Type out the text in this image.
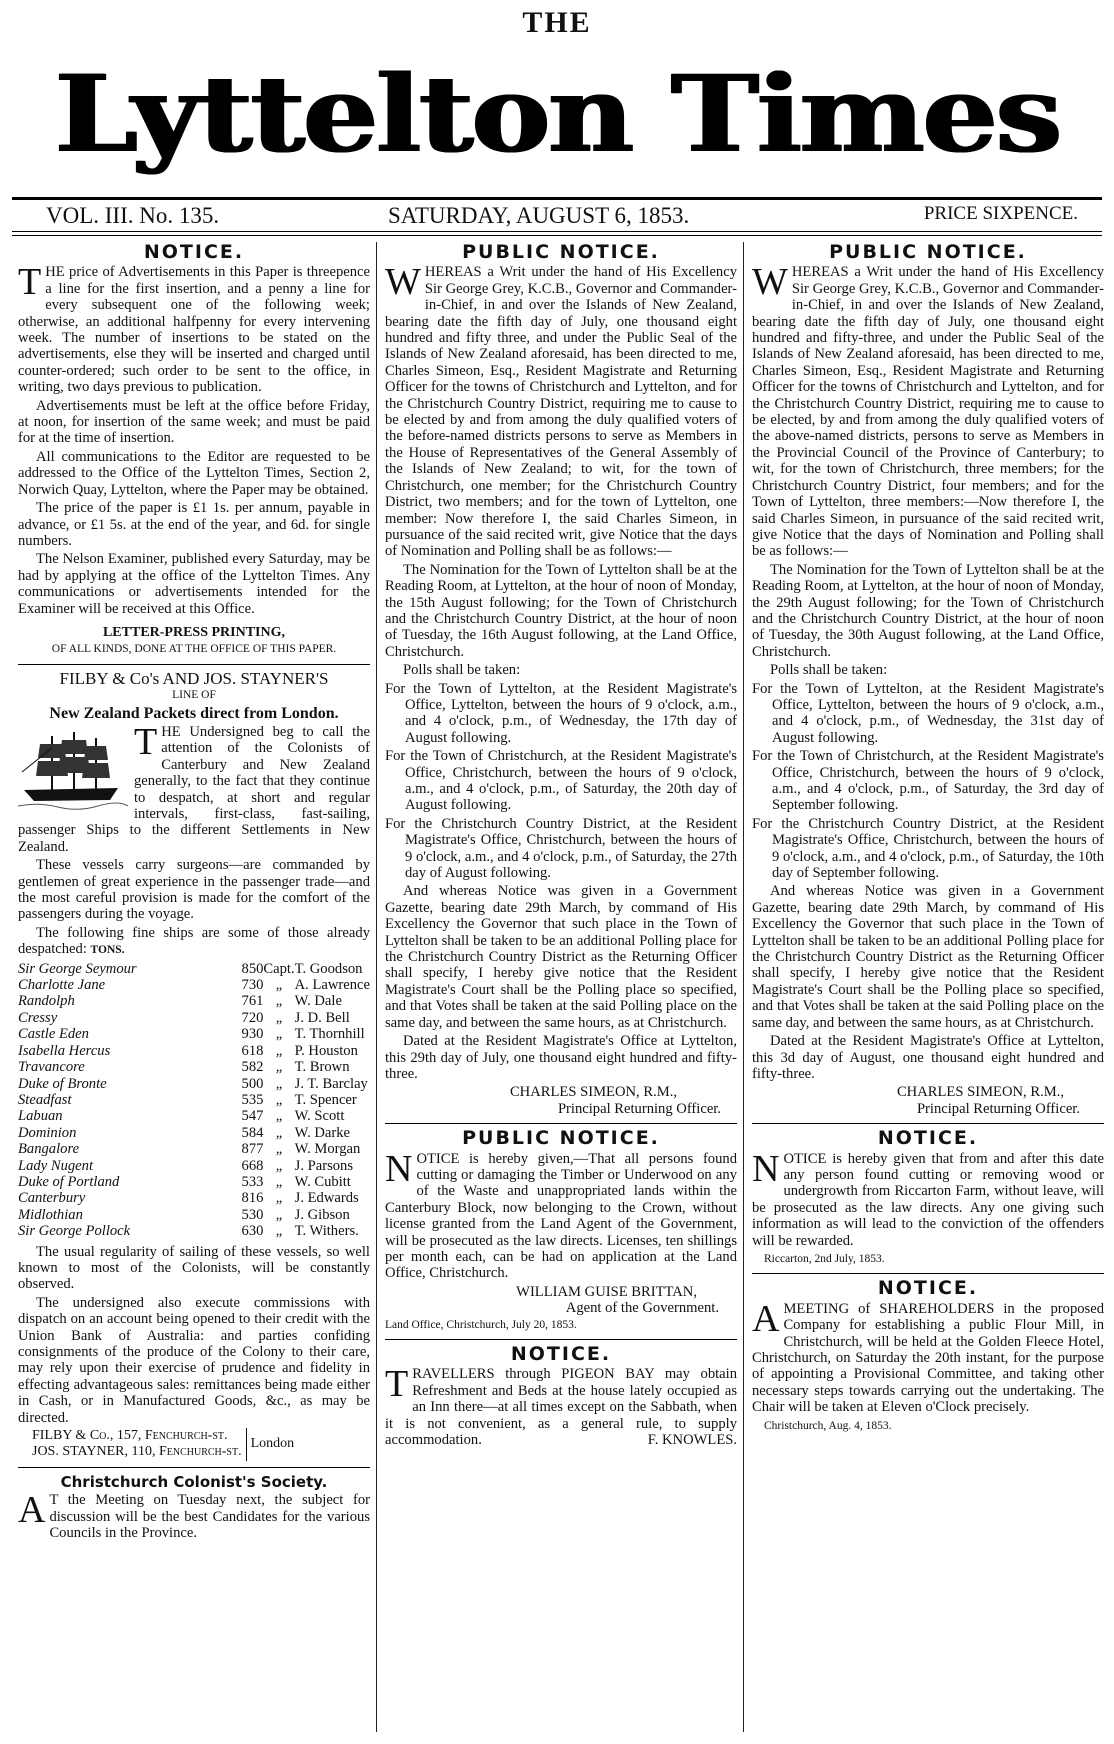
THE
Lyttelton Times
VOL. III. No. 135.	SATURDAY, AUGUST 6, 1853.	PRICE SIXPENCE.
NOTICE.

THE price of Advertisements in this Paper is threepence a line for the first insertion, and a penny a line for every subsequent one of the following week; otherwise, an additional halfpenny for every intervening week. The number of insertions to be stated on the advertisements, else they will be inserted and charged until counter-ordered; such order to be sent to the office, in writing, two days previous to publication.

Advertisements must be left at the office before Friday, at noon, for insertion of the same week; and must be paid for at the time of insertion.

All communications to the Editor are requested to be addressed to the Office of the Lyttelton Times, Section 2, Norwich Quay, Lyttelton, where the Paper may be obtained.

The price of the paper is £1 1s. per annum, payable in advance, or £1 5s. at the end of the year, and 6d. for single numbers.

The Nelson Examiner, published every Saturday, may be had by applying at the office of the Lyttelton Times. Any communications or advertisements intended for the Examiner will be received at this Office.

LETTER-PRESS PRINTING,
OF ALL KINDS, DONE AT THE OFFICE OF THIS PAPER.
FILBY & Co's AND JOS. STAYNER'S
LINE OF
New Zealand Packets direct from London.

THE Undersigned beg to call the attention of the Colonists of Canterbury and New Zealand generally, to the fact that they continue to despatch, at short and regular intervals, first-class, fast-sailing, passenger Ships to the different Settlements in New Zealand.

These vessels carry surgeons—are commanded by gentlemen of great experience in the passenger trade—and the most careful provision is made for the comfort of the passengers during the voyage.

The following fine ships are some of those already despatched: TONS.

Sir George Seymour	850	Capt.	T. Goodson
Charlotte Jane	730	„	A. Lawrence
Randolph	761	„	W. Dale
Cressy	720	„	J. D. Bell
Castle Eden	930	„	T. Thornhill
Isabella Hercus	618	„	P. Houston
Travancore	582	„	T. Brown
Duke of Bronte	500	„	J. T. Barclay
Steadfast	535	„	T. Spencer
Labuan	547	„	W. Scott
Dominion	584	„	W. Darke
Bangalore	877	„	W. Morgan
Lady Nugent	668	„	J. Parsons
Duke of Portland	533	„	W. Cubitt
Canterbury	816	„	J. Edwards
Midlothian	530	„	J. Gibson
Sir George Pollock	630	„	T. Withers.

The usual regularity of sailing of these vessels, so well known to most of the Colonists, will be constantly observed.

The undersigned also execute commissions with dispatch on an account being opened to their credit with the Union Bank of Australia: and parties confiding consignments of the produce of the Colony to their care, may rely upon their exercise of prudence and fidelity in effecting advantageous sales: remittances being made either in Cash, or in Manufactured Goods, &c., as may be directed.

FILBY & Co., 157, Fenchurch-st.
JOS. STAYNER, 110, Fenchurch-st.
London
Christchurch Colonist's Society.

A T the Meeting on Tuesday next, the subject for discussion will be the best Candidates for the various Councils in the Province.

PUBLIC NOTICE.

WHEREAS a Writ under the hand of His Excellency Sir George Grey, K.C.B., Governor and Commander-in-Chief, in and over the Islands of New Zealand, bearing date the fifth day of July, one thousand eight hundred and fifty three, and under the Public Seal of the Islands of New Zealand aforesaid, has been directed to me, Charles Simeon, Esq., Resident Magistrate and Returning Officer for the towns of Christchurch and Lyttelton, and for the Christchurch Country District, requiring me to cause to be elected by and from among the duly qualified voters of the before-named districts persons to serve as Members in the House of Representatives of the General Assembly of the Islands of New Zealand; to wit, for the town of Christchurch, one member; for the Christchurch Country District, two members; and for the town of Lyttelton, one member: Now therefore I, the said Charles Simeon, in pursuance of the said recited writ, give Notice that the days of Nomination and Polling shall be as follows:—

The Nomination for the Town of Lyttelton shall be at the Reading Room, at Lyttelton, at the hour of noon of Monday, the 15th August following; for the Town of Christchurch and the Christchurch Country District, at the hour of noon of Tuesday, the 16th August following, at the Land Office, Christchurch.

Polls shall be taken:

For the Town of Lyttelton, at the Resident Magistrate's Office, Lyttelton, between the hours of 9 o'clock, a.m., and 4 o'clock, p.m., of Wednesday, the 17th day of August following.

For the Town of Christchurch, at the Resident Magistrate's Office, Christchurch, between the hours of 9 o'clock, a.m., and 4 o'clock, p.m., of Saturday, the 20th day of August following.

For the Christchurch Country District, at the Resident Magistrate's Office, Christchurch, between the hours of 9 o'clock, a.m., and 4 o'clock, p.m., of Saturday, the 27th day of August following.

And whereas Notice was given in a Government Gazette, bearing date 29th March, by command of His Excellency the Governor that such place in the Town of Lyttelton shall be taken to be an additional Polling place for the Christchurch Country District as the Returning Officer shall specify, I hereby give notice that the Resident Magistrate's Court shall be the Polling place so specified, and that Votes shall be taken at the said Polling place on the same day, and between the same hours, as at Christchurch.

Dated at the Resident Magistrate's Office at Lyttelton, this 29th day of July, one thousand eight hundred and fifty-three.

CHARLES SIMEON, R.M.,
Principal Returning Officer.
PUBLIC NOTICE.

NOTICE is hereby given,—That all persons found cutting or damaging the Timber or Underwood on any of the Waste and unappropriated lands within the Canterbury Block, now belonging to the Crown, without license granted from the Land Agent of the Government, will be prosecuted as the law directs. Licenses, ten shillings per month each, can be had on application at the Land Office, Christchurch.

WILLIAM GUISE BRITTAN,
Agent of the Government.
Land Office, Christchurch, July 20, 1853.
NOTICE.

TRAVELLERS through PIGEON BAY may obtain Refreshment and Beds at the house lately occupied as an Inn there—at all times except on the Sabbath, when it is not convenient, as a general rule, to supply accommodation.	F. KNOWLES.

PUBLIC NOTICE.

WHEREAS a Writ under the hand of His Excellency Sir George Grey, K.C.B., Governor and Commander-in-Chief, in and over the Islands of New Zealand, bearing date the fifth day of July, one thousand eight hundred and fifty-three, and under the Public Seal of the Islands of New Zealand aforesaid, has been directed to me, Charles Simeon, Esq., Resident Magistrate and Returning Officer for the towns of Christchurch and Lyttelton, and for the Christchurch Country District, requiring me to cause to be elected, by and from among the duly qualified voters of the above-named districts, persons to serve as Members in the Provincial Council of the Province of Canterbury; to wit, for the town of Christchurch, three members; for the Christchurch Country District, four members; and for the Town of Lyttelton, three members:—Now therefore I, the said Charles Simeon, in pursuance of the said recited writ, give Notice that the days of Nomination and Polling shall be as follows:—

The Nomination for the Town of Lyttelton shall be at the Reading Room, at Lyttelton, at the hour of noon of Monday, the 29th August following; for the Town of Christchurch and the Christchurch Country District, at the hour of noon of Tuesday, the 30th August following, at the Land Office, Christchurch.

Polls shall be taken:

For the Town of Lyttelton, at the Resident Magistrate's Office, Lyttelton, between the hours of 9 o'clock, a.m., and 4 o'clock, p.m., of Wednesday, the 31st day of August following.

For the Town of Christchurch, at the Resident Magistrate's Office, Christchurch, between the hours of 9 o'clock, a.m., and 4 o'clock, p.m., of Saturday, the 3rd day of September following.

For the Christchurch Country District, at the Resident Magistrate's Office, Christchurch, between the hours of 9 o'clock, a.m., and 4 o'clock, p.m., of Saturday, the 10th day of September following.

And whereas Notice was given in a Government Gazette, bearing date 29th March, by command of His Excellency the Governor that such place in the Town of Lyttelton shall be taken to be an additional Polling place for the Christchurch Country District as the Returning Officer shall specify, I hereby give notice that the Resident Magistrate's Court shall be the Polling place so specified, and that Votes shall be taken at the said Polling place on the same day, and between the same hours, as at Christchurch.

Dated at the Resident Magistrate's Office at Lyttelton, this 3d day of August, one thousand eight hundred and fifty-three.

CHARLES SIMEON, R.M.,
Principal Returning Officer.
NOTICE.

NOTICE is hereby given that from and after this date any person found cutting or removing wood or undergrowth from Riccarton Farm, without leave, will be prosecuted as the law directs. Any one giving such information as will lead to the conviction of the offenders will be rewarded.

Riccarton, 2nd July, 1853.
NOTICE.

AMEETING of SHAREHOLDERS in the proposed Company for establishing a public Flour Mill, in Christchurch, will be held at the Golden Fleece Hotel, Christchurch, on Saturday the 20th instant, for the purpose of appointing a Provisional Committee, and taking other necessary steps towards carrying out the undertaking. The Chair will be taken at Eleven o'Clock precisely.

Christchurch, Aug. 4, 1853.
